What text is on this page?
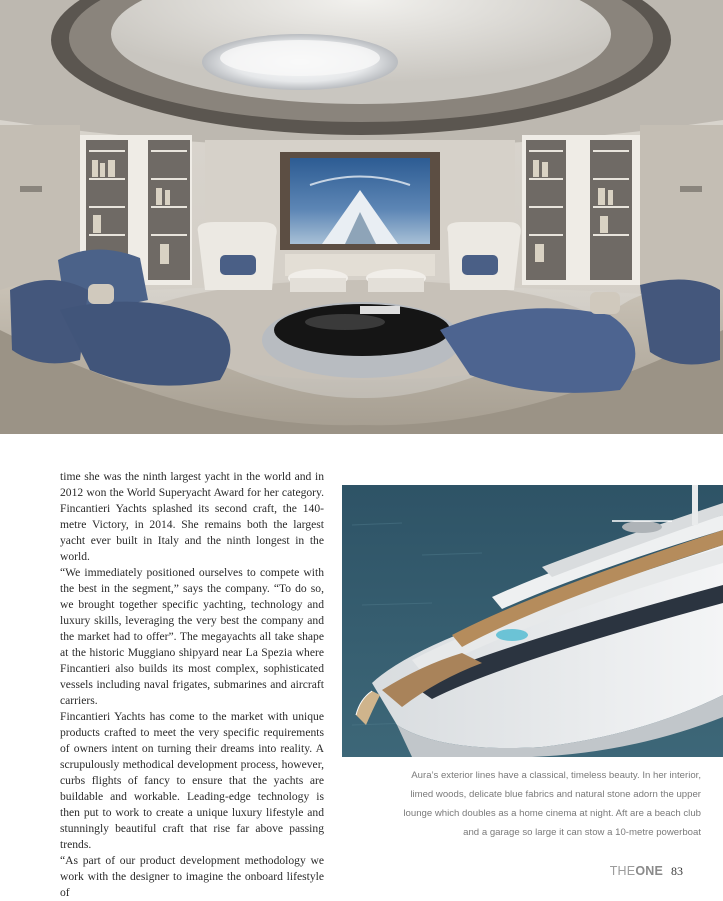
time she was the ninth largest yacht in the world and in 2012 won the World Superyacht Award for her category. Fincantieri Yachts splashed its second craft, the 140-metre Victory, in 2014. She remains both the largest yacht ever built in Italy and the ninth longest in the world.

“We immediately positioned ourselves to compete with the best in the segment,” says the company. “To do so, we brought together specific yachting, technology and luxury skills, leveraging the very best the company and the market had to offer”. The megayachts all take shape at the historic Muggiano shipyard near La Spezia where Fincantieri also builds its most complex, sophisticated vessels including naval frigates, submarines and aircraft carriers.

Fincantieri Yachts has come to the market with unique products crafted to meet the very specific requirements of owners intent on turning their dreams into reality. A scrupulously methodical development process, however, curbs flights of fancy to ensure that the yachts are buildable and workable. Leading-edge technology is then put to work to create a unique luxury lifestyle and stunningly beautiful craft that rise far above passing trends.

“As part of our product development methodology we work with the designer to imagine the onboard lifestyle of

Aura’s exterior lines have a classical, timeless beauty. In her interior,
limed woods, delicate blue fabrics and natural stone adorn the upper
lounge which doubles as a home cinema at night. Aft are a beach club
and a garage so large it can stow a 10-metre powerboat
THEONE 83
